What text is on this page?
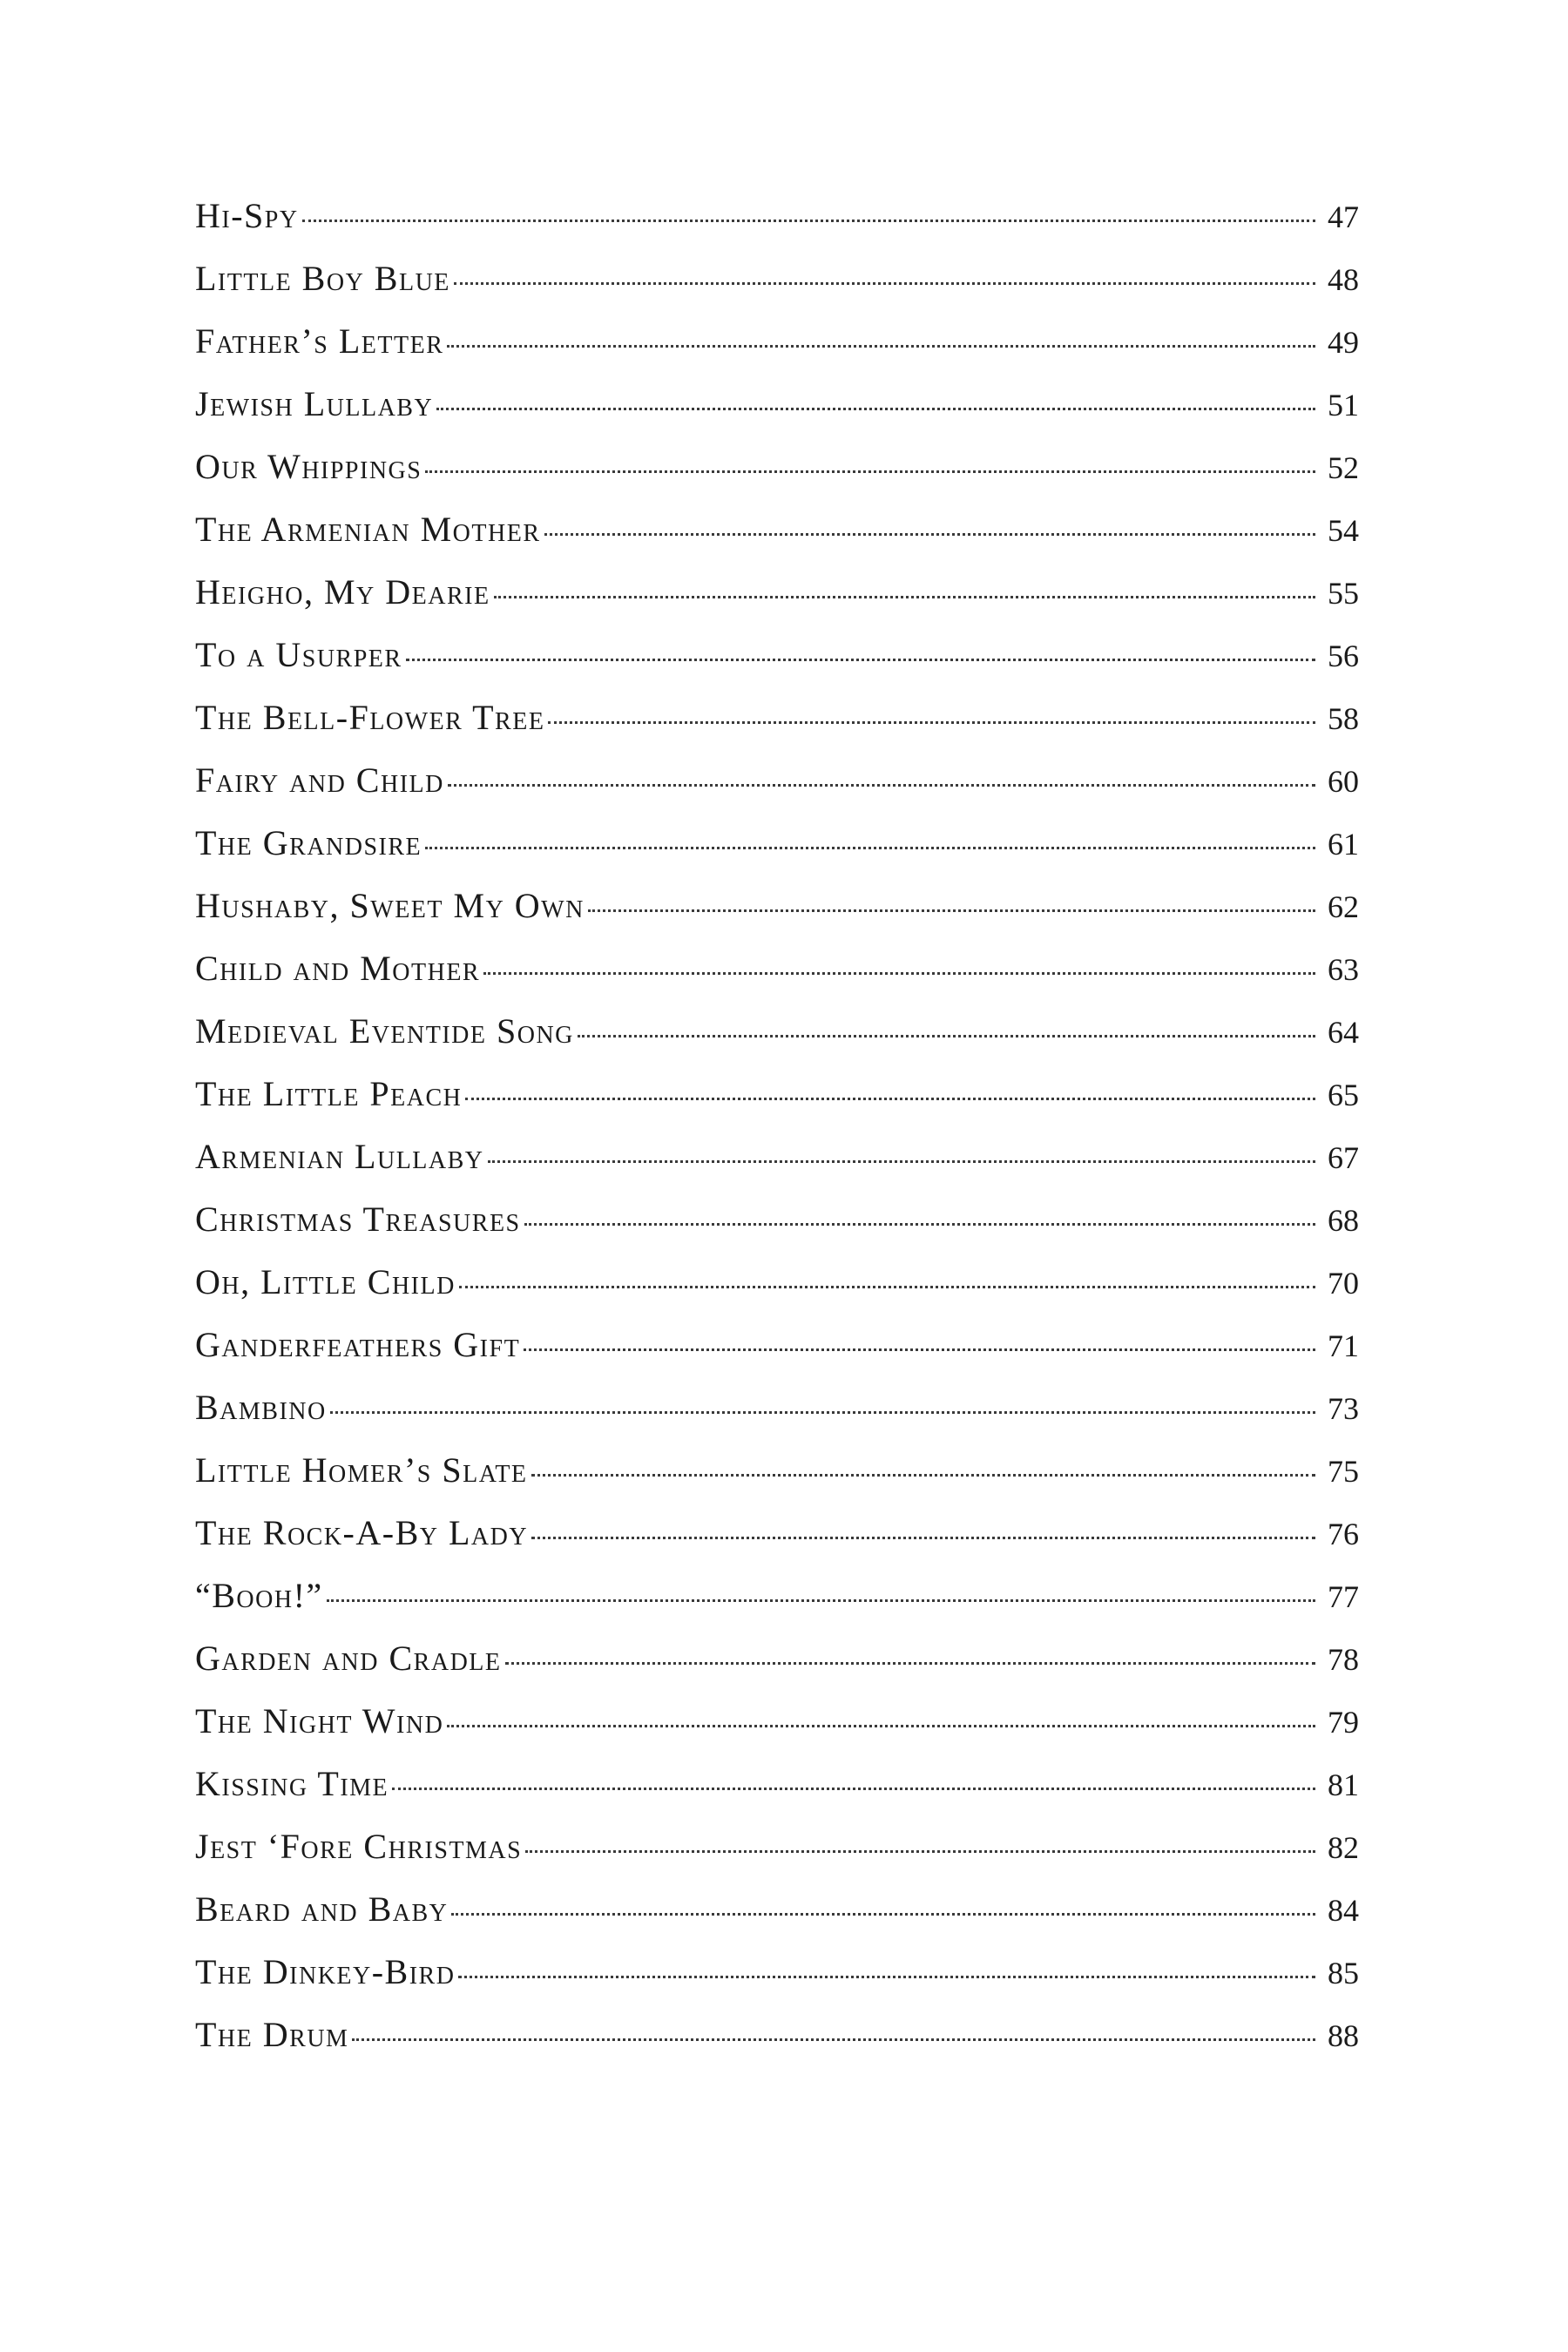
Hi-Spy	47
Little Boy Blue	48
Father’s Letter	49
Jewish Lullaby	51
Our Whippings	52
The Armenian Mother	54
Heigho, My Dearie	55
To a Usurper	56
The Bell-Flower Tree	58
Fairy and Child	60
The Grandsire	61
Hushaby, Sweet My Own	62
Child and Mother	63
Medieval Eventide Song	64
The Little Peach	65
Armenian Lullaby	67
Christmas Treasures	68
Oh, Little Child	70
Ganderfeathers Gift	71
Bambino	73
Little Homer’s Slate	75
The Rock-A-By Lady	76
“Booh!”	77
Garden and Cradle	78
The Night Wind	79
Kissing Time	81
Jest ‘Fore Christmas	82
Beard and Baby	84
The Dinkey-Bird	85
The Drum	88
